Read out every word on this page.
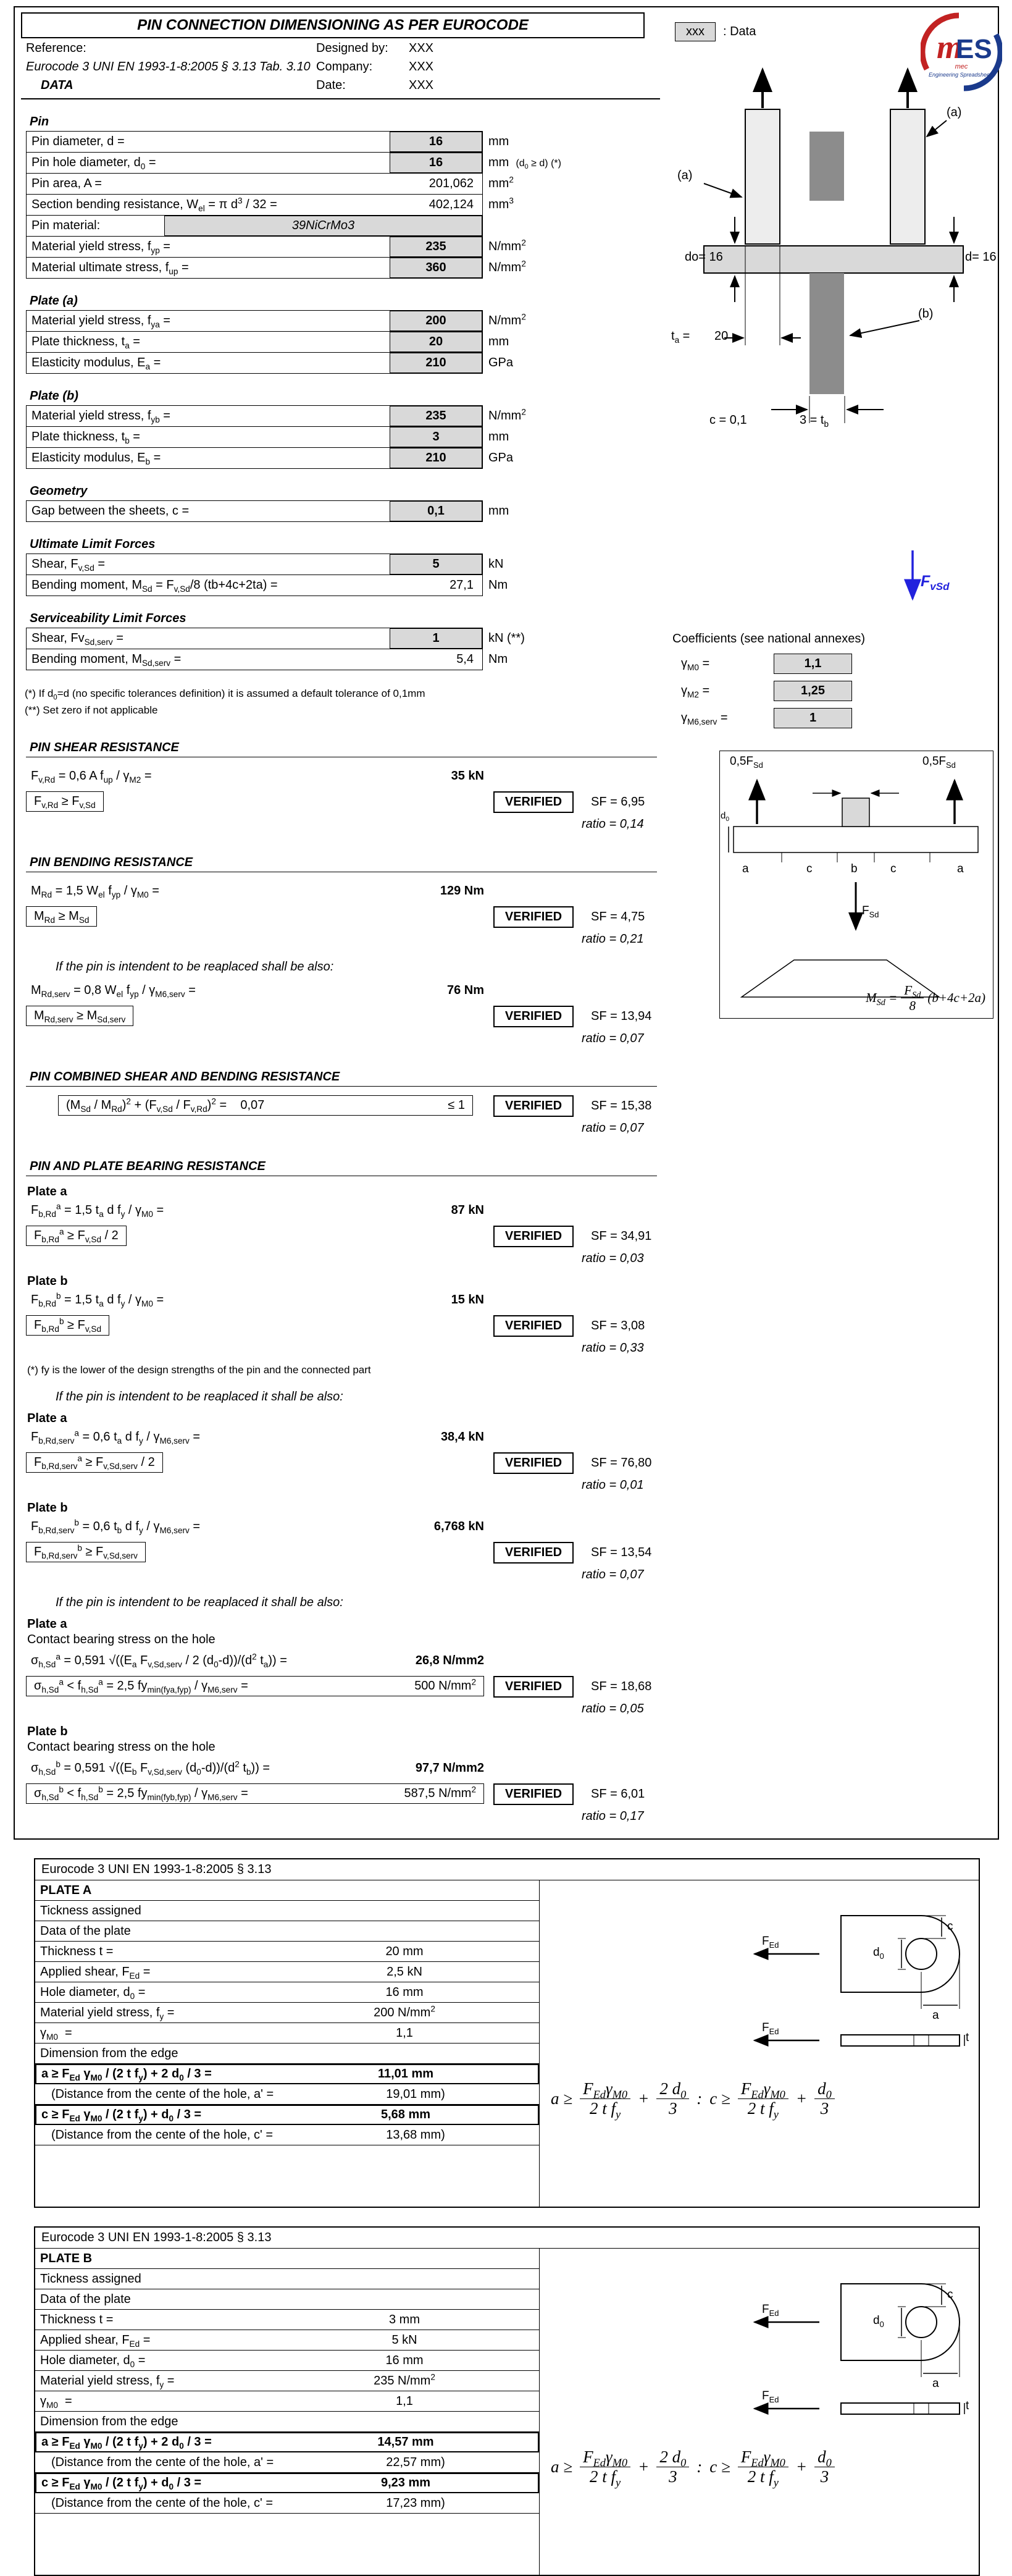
PIN CONNECTION DIMENSIONING AS PER EUROCODE
Reference:	Designed by:	XXX
Eurocode 3 UNI EN 1993-1-8:2005 § 3.13 Tab. 3.10 Company:	XXX
DATA	Date:	XXX
Pin
Pin diameter, d =	16	mm
Pin hole diameter, $d_0$ =	16	mm  $(d_0 \ge d)$ (*)
Pin area, A =	201,062	$mm^2$
Section bending resistance, $W_{el} = \pi$ $d^3 / 32$ =	402,124	$mm^3$
Pin material:	39NiCrMo3
Material yield stress, $f_{yp}$ =	235	$N/mm^2$
Material ultimate stress, $f_{up}$ =	360	$N/mm^2$
Plate (a)
Material yield stress, $f_{ya}$ =	200	$N/mm^2$
Plate thickness, $t_a$ =	20	mm
Elasticity modulus, $E_a$ =	210	GPa
Plate (b)
Material yield stress, $f_{yb}$ =	235	$N/mm^2$
Plate thickness, $t_b$ =	3	mm
Elasticity modulus, $E_b$ =	210	GPa
Geometry
Gap between the sheets, c =	0,1	mm
Ultimate Limit Forces
Shear, $F_{v,Sd}$ =	5	kN
Bending moment, $M_{Sd} = F_{v,Sd}/8$ (tb+4c+2ta) =	27,1	Nm
Serviceability Limit Forces
Shear, $Fv_{Sd,serv}$ =	1	kN (**)
Bending moment, $M_{Sd,serv}$ =	5,4	Nm
(*) If $d_0=d$ (no specific tolerances definition) it is assumed a default tolerance of 0,1mm
(**) Set zero if not applicable
PIN SHEAR RESISTANCE
$F_{v,Rd} = 0,6$ A $f_{up} / \gamma_{M2}$ =	35 kN
$F_{v,Rd} \ge F_{v,Sd}$	VERIFIED	SF = 6,95
ratio = 0,14
PIN BENDING RESISTANCE
$M_{Rd} = 1,5$ $W_{el}$ $f_{yp} / \gamma_{M0}$ =	129 Nm
$M_{Rd} \ge M_{Sd}$	VERIFIED	SF = 4,75
ratio = 0,21
If the pin is intendent to be reaplaced shall be also:
$M_{Rd,serv} = 0,8$ $W_{el}$ $f_{yp} / \gamma_{M6,serv}$ =	76 Nm
$M_{Rd,serv} \ge M_{Sd,serv}$	VERIFIED	SF = 13,94
ratio = 0,07
PIN COMBINED SHEAR AND BENDING RESISTANCE
$(M_{Sd} / M_{Rd})^2 + (F_{v,Sd} / F_{v,Rd})^2$ =    0,07	≤ 1	VERIFIED	SF = 15,38
ratio = 0,07
PIN AND PLATE BEARING RESISTANCE
Plate a
$F_{b,Rd}^a = 1,5$ $t_a$ d $f_y / \gamma_{M0}$ =	87 kN
$F_{b,Rd}^a \ge F_{v,Sd} / 2$	VERIFIED	SF = 34,91
ratio = 0,03
Plate b
$F_{b,Rd}^b = 1,5$ $t_a$ d $f_y / \gamma_{M0}$ =	15 kN
$F_{b,Rd}^b \ge F_{v,Sd}$	VERIFIED	SF = 3,08
ratio = 0,33
(*) fy is the lower of the design strengths of the pin and the connected part
If the pin is intendent to be reaplaced it shall be also:
Plate a
$F_{b,Rd,serv}^a = 0,6$ $t_a$ d $f_y / \gamma_{M6,serv}$ =	38,4 kN
$F_{b,Rd,serv}^a \ge F_{v,Sd,serv} / 2$	VERIFIED	SF = 76,80
ratio = 0,01
Plate b
$F_{b,Rd,serv}^b = 0,6$ $t_b$ d $f_y / \gamma_{M6,serv}$ =	6,768 kN
$F_{b,Rd,serv}^b \ge F_{v,Sd,serv}$	VERIFIED	SF = 13,54
ratio = 0,07
If the pin is intendent to be reaplaced it shall be also:
Plate a
Contact bearing stress on the hole
$\sigma_{h,Sd}^a = 0,591$ $√((E_a$ $F_{v,Sd,serv} / 2$ $(d_0-d))/(d^2$ $t_a$)) =	26,8 N/mm2
$\sigma_{h,Sd}^a < f_{h,Sd}^a = 2,5$ $fy_{min(fya,fyp)} / \gamma_{M6,serv}$ =	500 $N/mm^2$	VERIFIED	SF = 18,68
ratio = 0,05
Plate b
Contact bearing stress on the hole
$\sigma_{h,Sd}^b = 0,591$ $√((E_b$ $F_{v,Sd,serv}$ $(d_0-d))/(d^2$ $t_b$)) =	97,7 N/mm2
$\sigma_{h,Sd}^b < f_{h,Sd}^b = 2,5$ $fy_{min(fyb,fyp)} / \gamma_{M6,serv}$ =	587,5 $N/mm^2$	VERIFIED	SF = 6,01
ratio = 0,17
xxx	: Data	m
ES
mec
Engineering Spreadsheets
(a)
(a)
do= 16	d= 16
(b)
$t_a = 20$
c = 0,1	$3 = t_b$
$F_{vSd}$
Coefficients (see national annexes)
$\gamma_{M0}$ =	1,1
$\gamma_{M2}$ =	1,25
$\gamma_{M6,serv}$ =	1
$0,5F_{Sd}$	$0,5F_{Sd}$
$d_0$
a	c	b	c	a
$F_{Sd}$
$M_{Sd} = \frac{F_{Sd}}{8} (b+4c+2a)$
Eurocode 3 UNI EN 1993-1-8:2005 § 3.13
PLATE A
Tickness assigned
Data of the plate
Thickness t =	20 mm
Applied shear, $F_{Ed}$ =	2,5 kN
Hole diameter, $d_0$ =	16 mm
Material yield stress, $f_y$ =	200 $N/mm^2$
$\gamma_{M0}$  =	1,1
Dimension from the edge
$a \ge F_{Ed}$ $\gamma_{M0} / (2$ t $f_y) + 2$ $d_0 / 3$ =	11,01 mm
(Distance from the cente of the hole, a' =	19,01 mm)
$c \ge F_{Ed}$ $\gamma_{M0} / (2$ t $f_y) + d_0 / 3$ =	5,68 mm
(Distance from the cente of the hole, c' =	13,68 mm)
$F_{Ed}$
$d_0$
c
a
t
$F_{Ed}$
$a \ge \frac{F_{Ed}\gamma_{M0}}{2 t f_y} + \frac{2 d_0}{3}$ : $c \ge \frac{F_{Ed}\gamma_{M0}}{2 t f_y} + \frac{d_0}{3}$
Eurocode 3 UNI EN 1993-1-8:2005 § 3.13
PLATE B
Tickness assigned
Data of the plate
Thickness t =	3 mm
Applied shear, $F_{Ed}$ =	5 kN
Hole diameter, $d_0$ =	16 mm
Material yield stress, $f_y$ =	235 $N/mm^2$
$\gamma_{M0}$  =	1,1
Dimension from the edge
$a \ge F_{Ed}$ $\gamma_{M0} / (2$ t $f_y) + 2$ $d_0 / 3$ =	14,57 mm
(Distance from the cente of the hole, a' =	22,57 mm)
$c \ge F_{Ed}$ $\gamma_{M0} / (2$ t $f_y) + d_0 / 3$ =	9,23 mm
(Distance from the cente of the hole, c' =	17,23 mm)
$F_{Ed}$
$d_0$
c
a
t
$F_{Ed}$
$a \ge \frac{F_{Ed}\gamma_{M0}}{2 t f_y} + \frac{2 d_0}{3}$ : $c \ge \frac{F_{Ed}\gamma_{M0}}{2 t f_y} + \frac{d_0}{3}$
